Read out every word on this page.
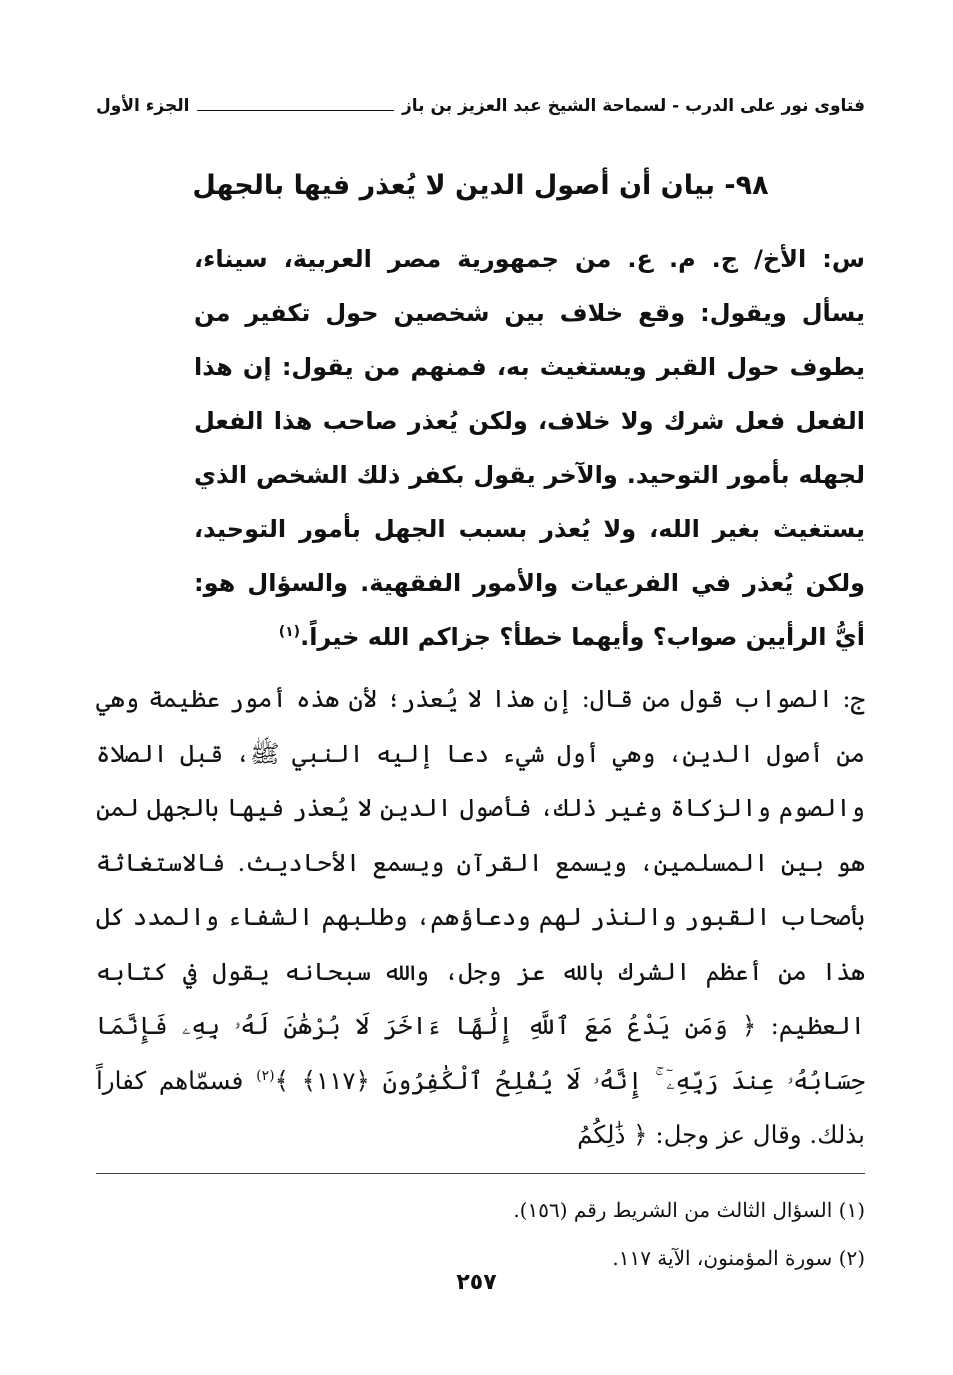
فتاوى نور على الدرب - لسماحة الشيخ عبد العزيز بن باز
الجزء الأول
٩٨- بيان أن أصول الدين لا يُعذر فيها بالجهل

س: الأخ/ ج. م. ع. من جمهورية مصر العربية، سيناء، يسأل ويقول: وقع خلاف بين شخصين حول تكفير من يطوف حول القبر ويستغيث به، فمنهم من يقول: إن هذا الفعل فعل شرك ولا خلاف، ولكن يُعذر صاحب هذا الفعل لجهله بأمور التوحيد. والآخر يقول بكفر ذلك الشخص الذي يستغيث بغير الله، ولا يُعذر بسبب الجهل بأمور التوحيد، ولكن يُعذر في الفرعيات والأمور الفقهية. والسؤال هو: أيُّ الرأيين صواب؟ وأيهما خطأ؟ جزاكم الله خيراً.$^{(١)}$

ج: الصواب قول من قال: إن هذا لا يُعذر؛ لأن هذه أمور عظيمة وهي من أصول الدين، وهي أول شيء دعا إليه النبي ﷺ، قبل الصلاة والصوم والزكاة وغير ذلك، فأصول الدين لا يُعذر فيها بالجهل لمن هو بين المسلمين، ويسمع القرآن ويسمع الأحاديث. فالاستغاثة بأصحاب القبور والنذر لهم ودعاؤهم، وطلبهم الشفاء والمدد كل هذا من أعظم الشرك بالله عز وجل، والله سبحانه يقول في كتابه العظيم: ﴿ وَمَن يَدْعُ مَعَ ٱللَّهِ إِلَٰهًا ءَاخَرَ لَا بُرْهَٰنَ لَهُۥ بِهِۦ فَإِنَّمَا حِسَابُهُۥ عِندَ رَبِّهِۦٓ ۚ إِنَّهُۥ لَا يُفْلِحُ ٱلْكَٰفِرُونَ ﴿١١٧﴾ ﴾$^{(٢)}$ فسمّاهم كفاراً بذلك. وقال عز وجل: ﴿ ذَٰلِكُمُ

(١) السؤال الثالث من الشريط رقم (١٥٦).

(٢) سورة المؤمنون، الآية ١١٧.

٢٥٧
